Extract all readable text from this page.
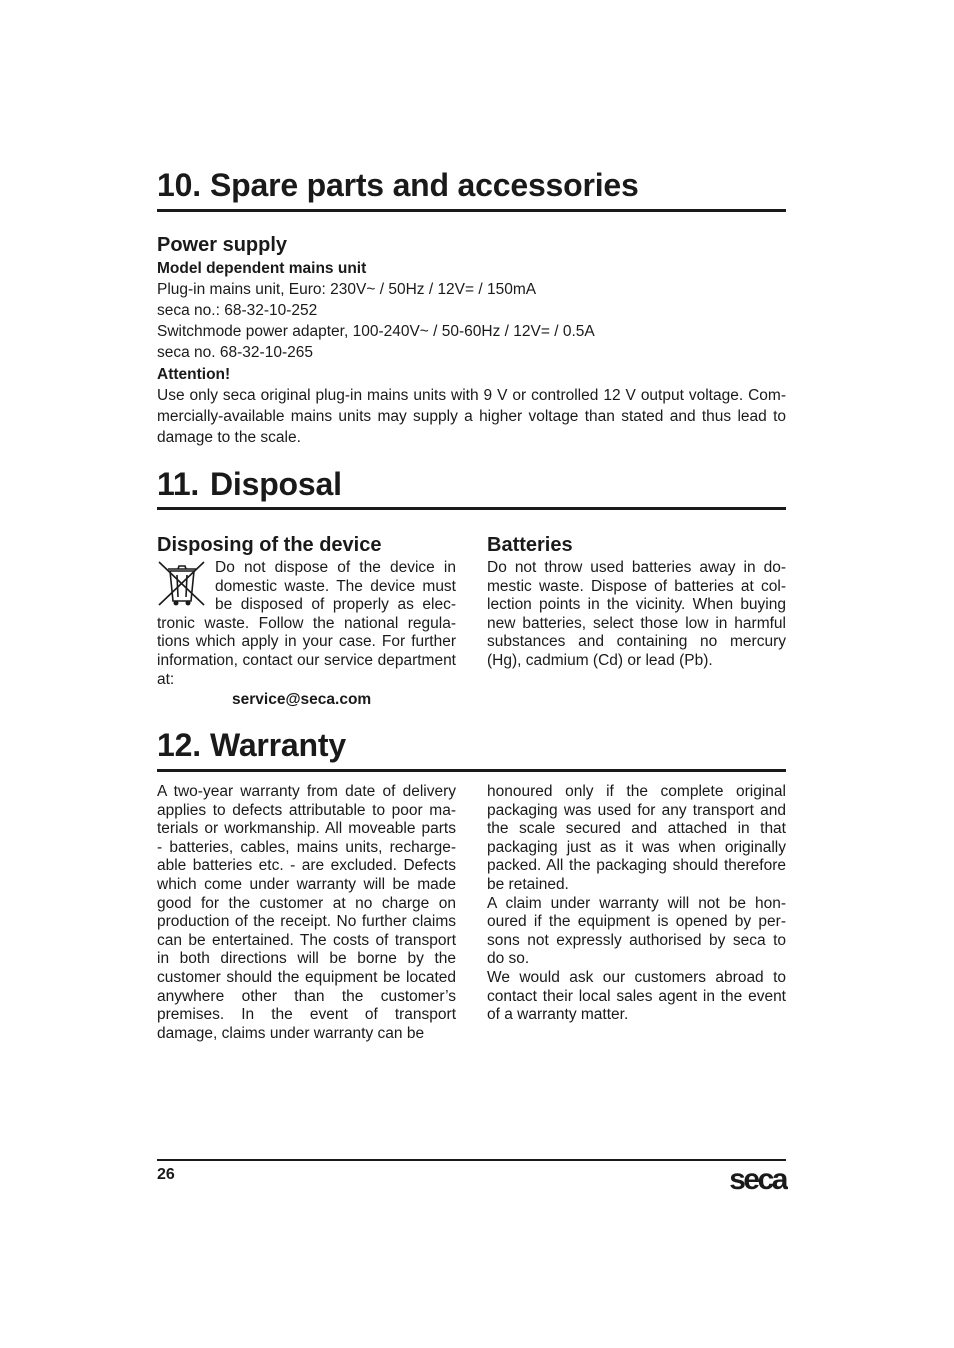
10. Spare parts and accessories
Power supply
Model dependent mains unit
Plug-in mains unit, Euro: 230V~ / 50Hz / 12V= / 150mA
seca no.: 68-32-10-252
Switchmode power adapter, 100-240V~ / 50-60Hz / 12V= / 0.5A
seca no. 68-32-10-265
Attention!
Use only seca original plug-in mains units with 9 V or controlled 12 V output voltage. Com-
mercially-available mains units may supply a higher voltage than stated and thus lead to
damage to the scale.
11. Disposal
Disposing of the device
Do not dispose of the device in domestic waste. The device must be disposed of properly as electronic waste. Follow the national regulations which apply in your case. For further information, contact our service department at:
service@seca.com
Batteries
Do not throw used batteries away in domestic waste. Dispose of batteries at collection points in the vicinity. When buying new batteries, select those low in harmful substances and containing no mercury (Hg), cadmium (Cd) or lead (Pb).
12. Warranty
A two-year warranty from date of delivery applies to defects attributable to poor materials or workmanship. All moveable parts - batteries, cables, mains units, rechargeable batteries etc. - are excluded. Defects which come under warranty will be made good for the customer at no charge on production of the receipt. No further claims can be entertained. The costs of transport in both directions will be borne by the customer should the equipment be located anywhere other than the customer’s premises. In the event of transport damage, claims under warranty can be

honoured only if the complete original packaging was used for any transport and the scale secured and attached in that packaging just as it was when originally packed. All the packaging should therefore be retained.

A claim under warranty will not be honoured if the equipment is opened by persons not expressly authorised by seca to do so.

We would ask our customers abroad to contact their local sales agent in the event of a warranty matter.

26	seca
